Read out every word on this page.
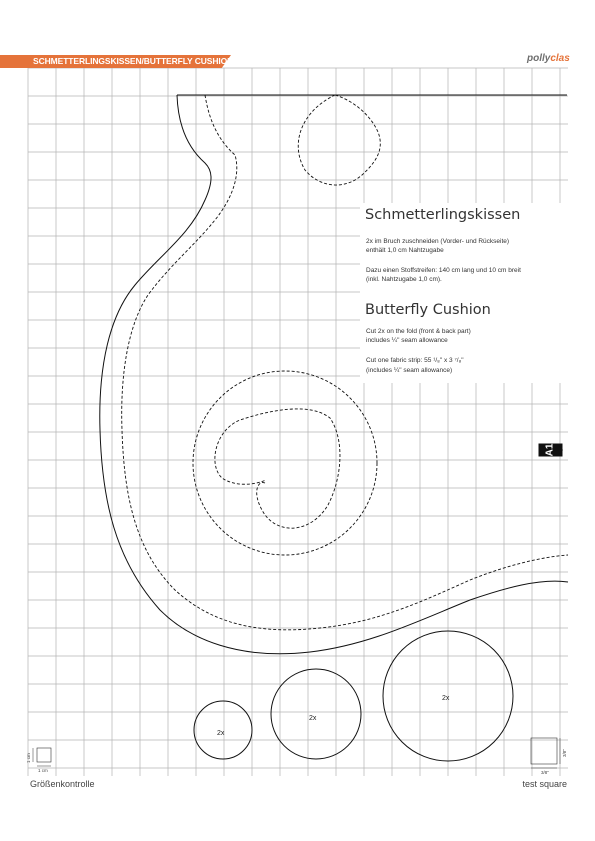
2x
2x
2x
1 cm
1 cm
3/8"
3/8"
SCHMETTERLINGSKISSEN/BUTTERFLY CUSHION	pollyclas
Schmetterlingskissen
2x im Bruch zuschneiden (Vorder- und Rückseite)
enthält 1,0 cm Nahtzugabe
Dazu einen Stoffstreifen: 140 cm lang und 10 cm breit
(inkl. Nahtzugabe 1,0 cm).
Butterfly Cushion
Cut 2x on the fold (front & back part)
includes ¼" seam allowance
Cut one fabric strip: 55 ¹/₈" x 3 ⁷/₈"
(includes ¼" seam allowance)
A1
Größenkontrolle	test square
